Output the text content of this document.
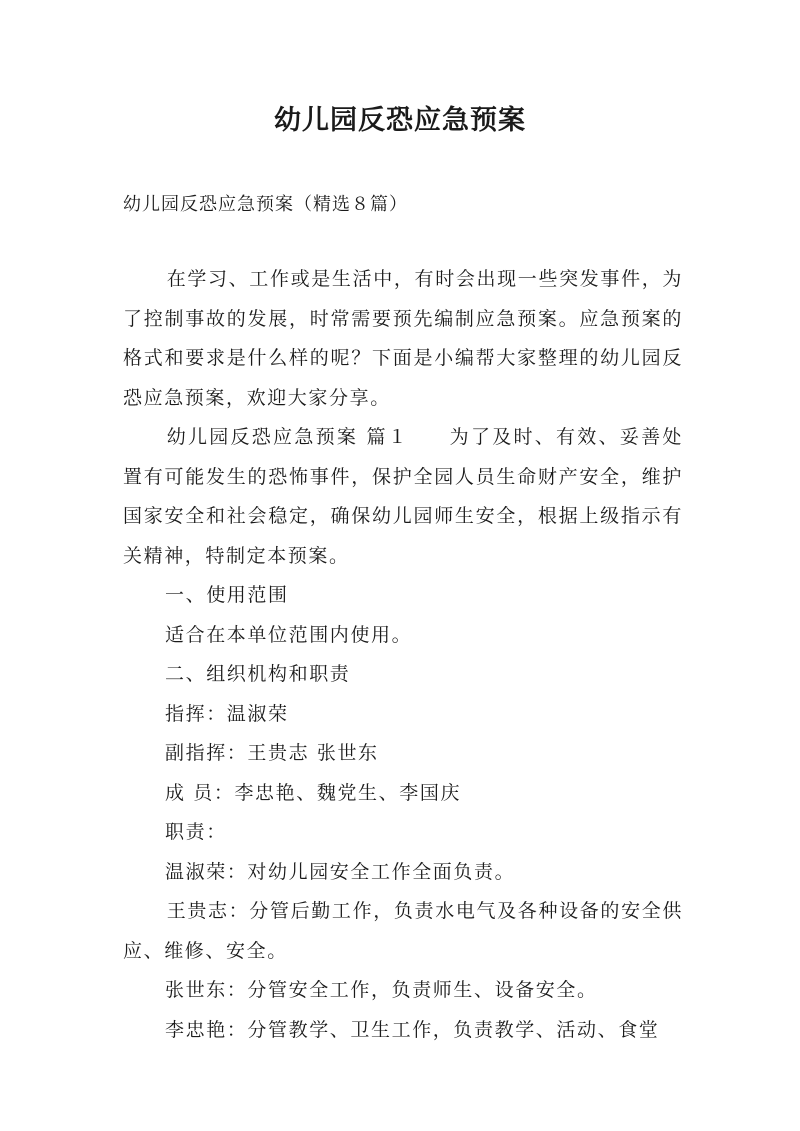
幼儿园反恐应急预案
幼儿园反恐应急预案（精选８篇）

在学习、工作或是生活中，有时会出现一些突发事件，为了控制事故的发展，时常需要预先编制应急预案。应急预案的格式和要求是什么样的呢？下面是小编帮大家整理的幼儿园反恐应急预案，欢迎大家分享。

幼儿园反恐应急预案 篇１ 为了及时、有效、妥善处置有可能发生的恐怖事件，保护全园人员生命财产安全，维护国家安全和社会稳定，确保幼儿园师生安全，根据上级指示有关精神，特制定本预案。

一、使用范围

适合在本单位范围内使用。

二、组织机构和职责

指挥：温淑荣

副指挥：王贵志 张世东

成 员：李忠艳、魏党生、李国庆

职责：

温淑荣：对幼儿园安全工作全面负责。

王贵志：分管后勤工作，负责水电气及各种设备的安全供应、维修、安全。

张世东：分管安全工作，负责师生、设备安全。

李忠艳：分管教学、卫生工作，负责教学、活动、食堂
